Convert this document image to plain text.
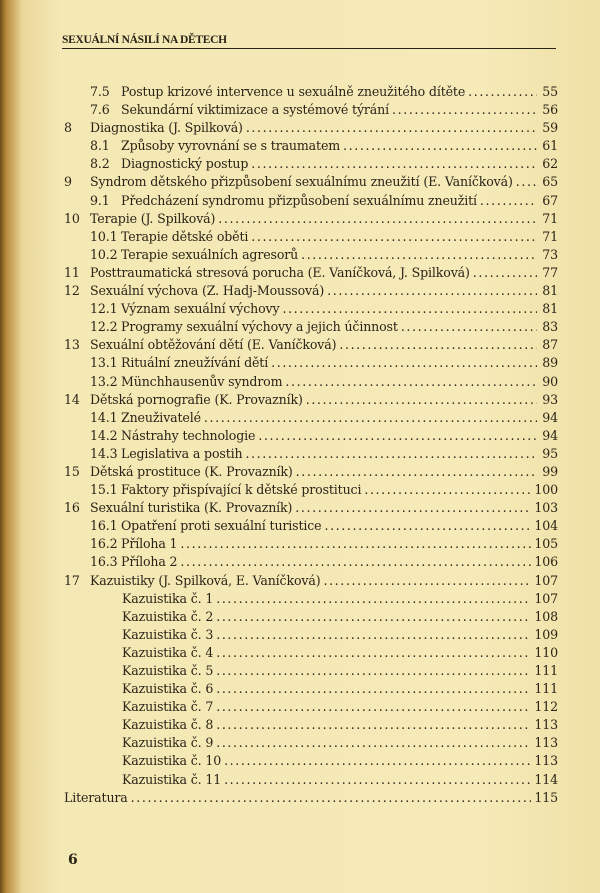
SEXUÁLNÍ NÁSILÍ NA DĚTECH
7.5 Postup krizové intervence u sexuálně zneužitého dítěte .....	55
7.6 Sekundární viktimizace a systémové týrání .....	56
8	Diagnostika (J. Spilková) .....	59
8.1 Způsoby vyrovnání se s traumatem .....	61
8.2 Diagnostický postup .....	62
9	Syndrom dětského přizpůsobení sexuálnímu zneužití (E. Vaníčková) ..... 65
9.1 Předcházení syndromu přizpůsobení sexuálnímu zneužití .....	67
10 Terapie (J. Spilková) .....	71
10.1 Terapie dětské oběti .....	71
10.2 Terapie sexuálních agresorů .....	73
11 Posttraumatická stresová porucha (E. Vaníčková, J. Spilková) .....	77
12 Sexuální výchova (Z. Hadj-Moussová) .....	81
12.1 Význam sexuální výchovy .....	81
12.2 Programy sexuální výchovy a jejich účinnost .....	83
13 Sexuální obtěžování dětí (E. Vaníčková) .....	87
13.1 Rituální zneužívání dětí .....	89
13.2 Münchhausenův syndrom .....	90
14 Dětská pornografie (K. Provazník) .....	93
14.1 Zneuživatelé .....	94
14.2 Nástrahy technologie .....	94
14.3 Legislativa a postih .....	95
15 Dětská prostituce (K. Provazník) .....	99
15.1 Faktory přispívající k dětské prostituci .....	100
16 Sexuální turistika (K. Provazník) .....	103
16.1 Opatření proti sexuální turistice .....	104
16.2 Příloha 1 .....	105
16.3 Příloha 2 .....	106
17 Kazuistiky (J. Spilková, E. Vaníčková) .....	107
Kazuistika č. 1 .....	107
Kazuistika č. 2 .....	108
Kazuistika č. 3 .....	109
Kazuistika č. 4 .....	110
Kazuistika č. 5 .....	111
Kazuistika č. 6 .....	111
Kazuistika č. 7 .....	112
Kazuistika č. 8 .....	113
Kazuistika č. 9 .....	113
Kazuistika č. 10 .....	113
Kazuistika č. 11 .....	114
Literatura .....	115
6
